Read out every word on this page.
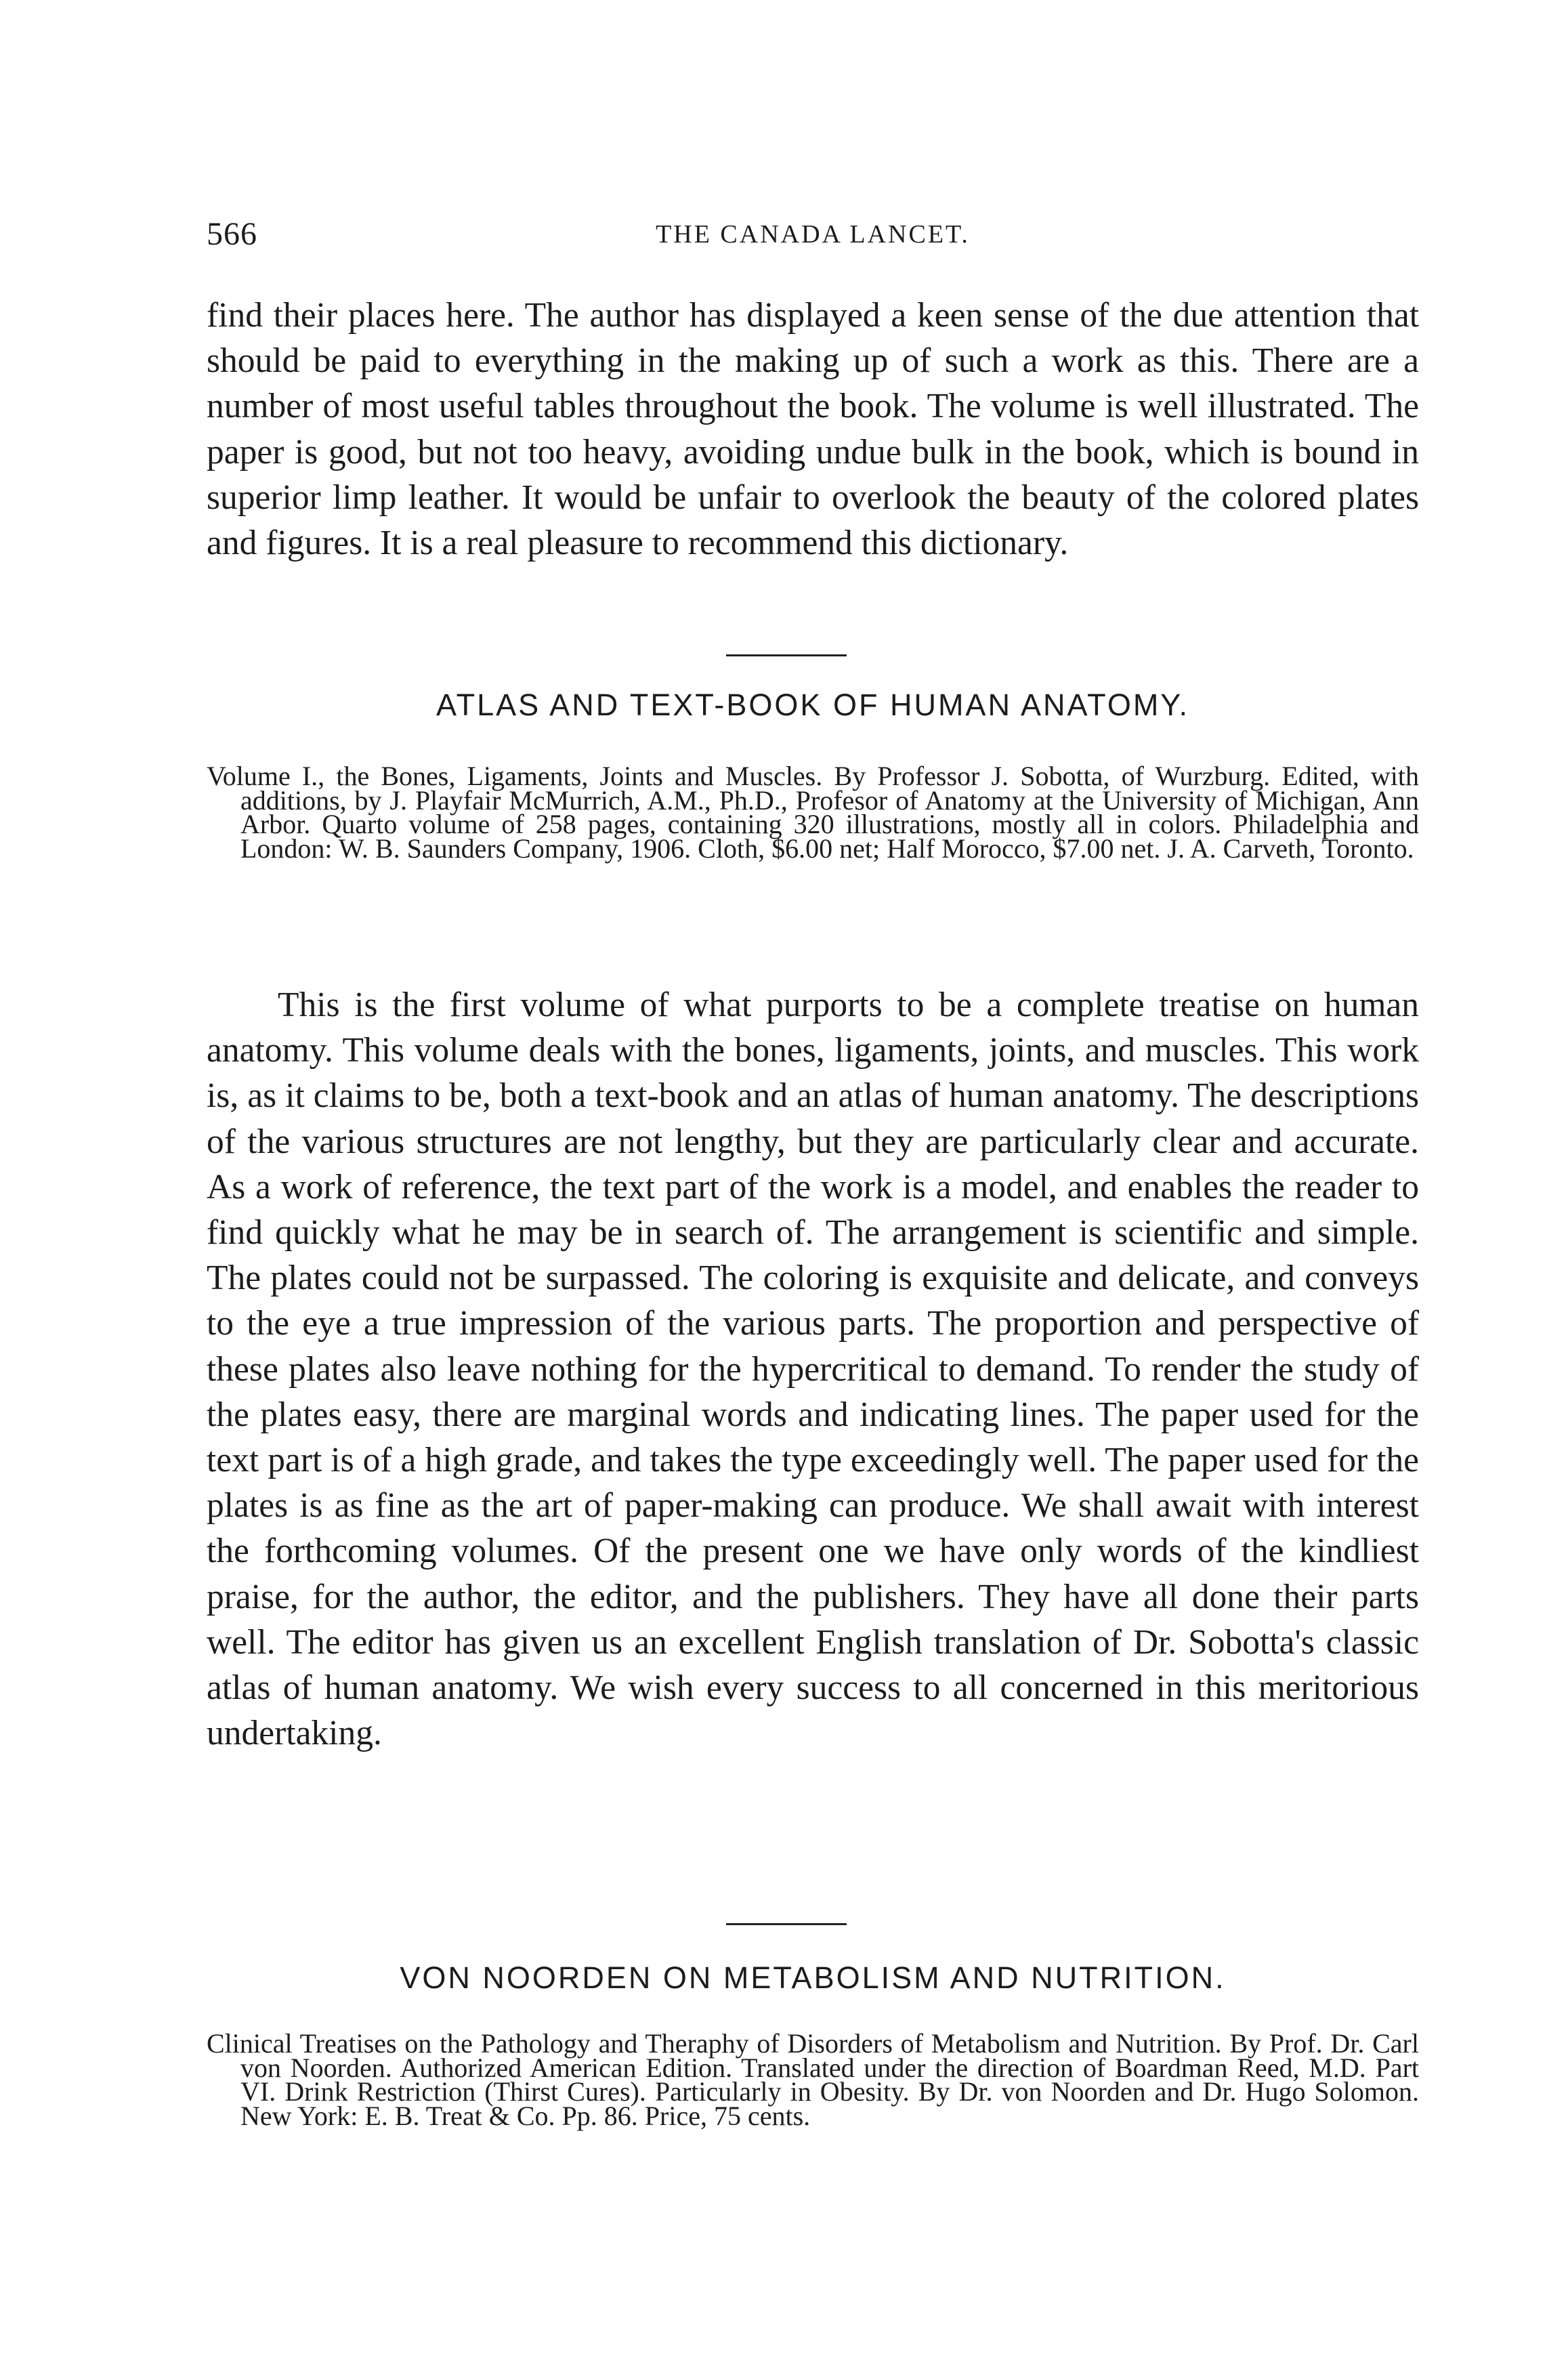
566	THE CANADA LANCET.

find their places here. The author has displayed a keen sense of the due attention that should be paid to everything in the making up of such a work as this. There are a number of most useful tables throughout the book. The volume is well illustrated. The paper is good, but not too heavy, avoiding undue bulk in the book, which is bound in superior limp leather. It would be unfair to overlook the beauty of the colored plates and figures. It is a real pleasure to recommend this dictionary.

ATLAS AND TEXT-BOOK OF HUMAN ANATOMY.

Volume I., the Bones, Ligaments, Joints and Muscles. By Professor J. Sobotta, of Wurzburg. Edited, with additions, by J. Playfair McMurrich, A.M., Ph.D., Profesor of Anatomy at the University of Michigan, Ann Arbor. Quarto volume of 258 pages, containing 320 illustrations, mostly all in colors. Philadelphia and London: W. B. Saunders Company, 1906. Cloth, $6.00 net; Half Morocco, $7.00 net. J. A. Carveth, Toronto.

This is the first volume of what purports to be a complete treatise on human anatomy. This volume deals with the bones, ligaments, joints, and muscles. This work is, as it claims to be, both a text-book and an atlas of human anatomy. The descriptions of the various structures are not lengthy, but they are particularly clear and accurate. As a work of reference, the text part of the work is a model, and enables the reader to find quickly what he may be in search of. The arrangement is scientific and simple. The plates could not be surpassed. The coloring is exquisite and delicate, and conveys to the eye a true impression of the various parts. The proportion and perspective of these plates also leave nothing for the hypercritical to demand. To render the study of the plates easy, there are marginal words and indicating lines. The paper used for the text part is of a high grade, and takes the type exceedingly well. The paper used for the plates is as fine as the art of paper-making can produce. We shall await with interest the forthcoming volumes. Of the present one we have only words of the kindliest praise, for the author, the editor, and the publishers. They have all done their parts well. The editor has given us an excellent English translation of Dr. Sobotta's classic atlas of human anatomy. We wish every success to all concerned in this meritorious undertaking.

VON NOORDEN ON METABOLISM AND NUTRITION.

Clinical Treatises on the Pathology and Theraphy of Disorders of Metabolism and Nutrition. By Prof. Dr. Carl von Noorden. Authorized American Edition. Translated under the direction of Boardman Reed, M.D. Part VI. Drink Restriction (Thirst Cures). Particularly in Obesity. By Dr. von Noorden and Dr. Hugo Solomon. New York: E. B. Treat & Co. Pp. 86. Price, 75 cents.
